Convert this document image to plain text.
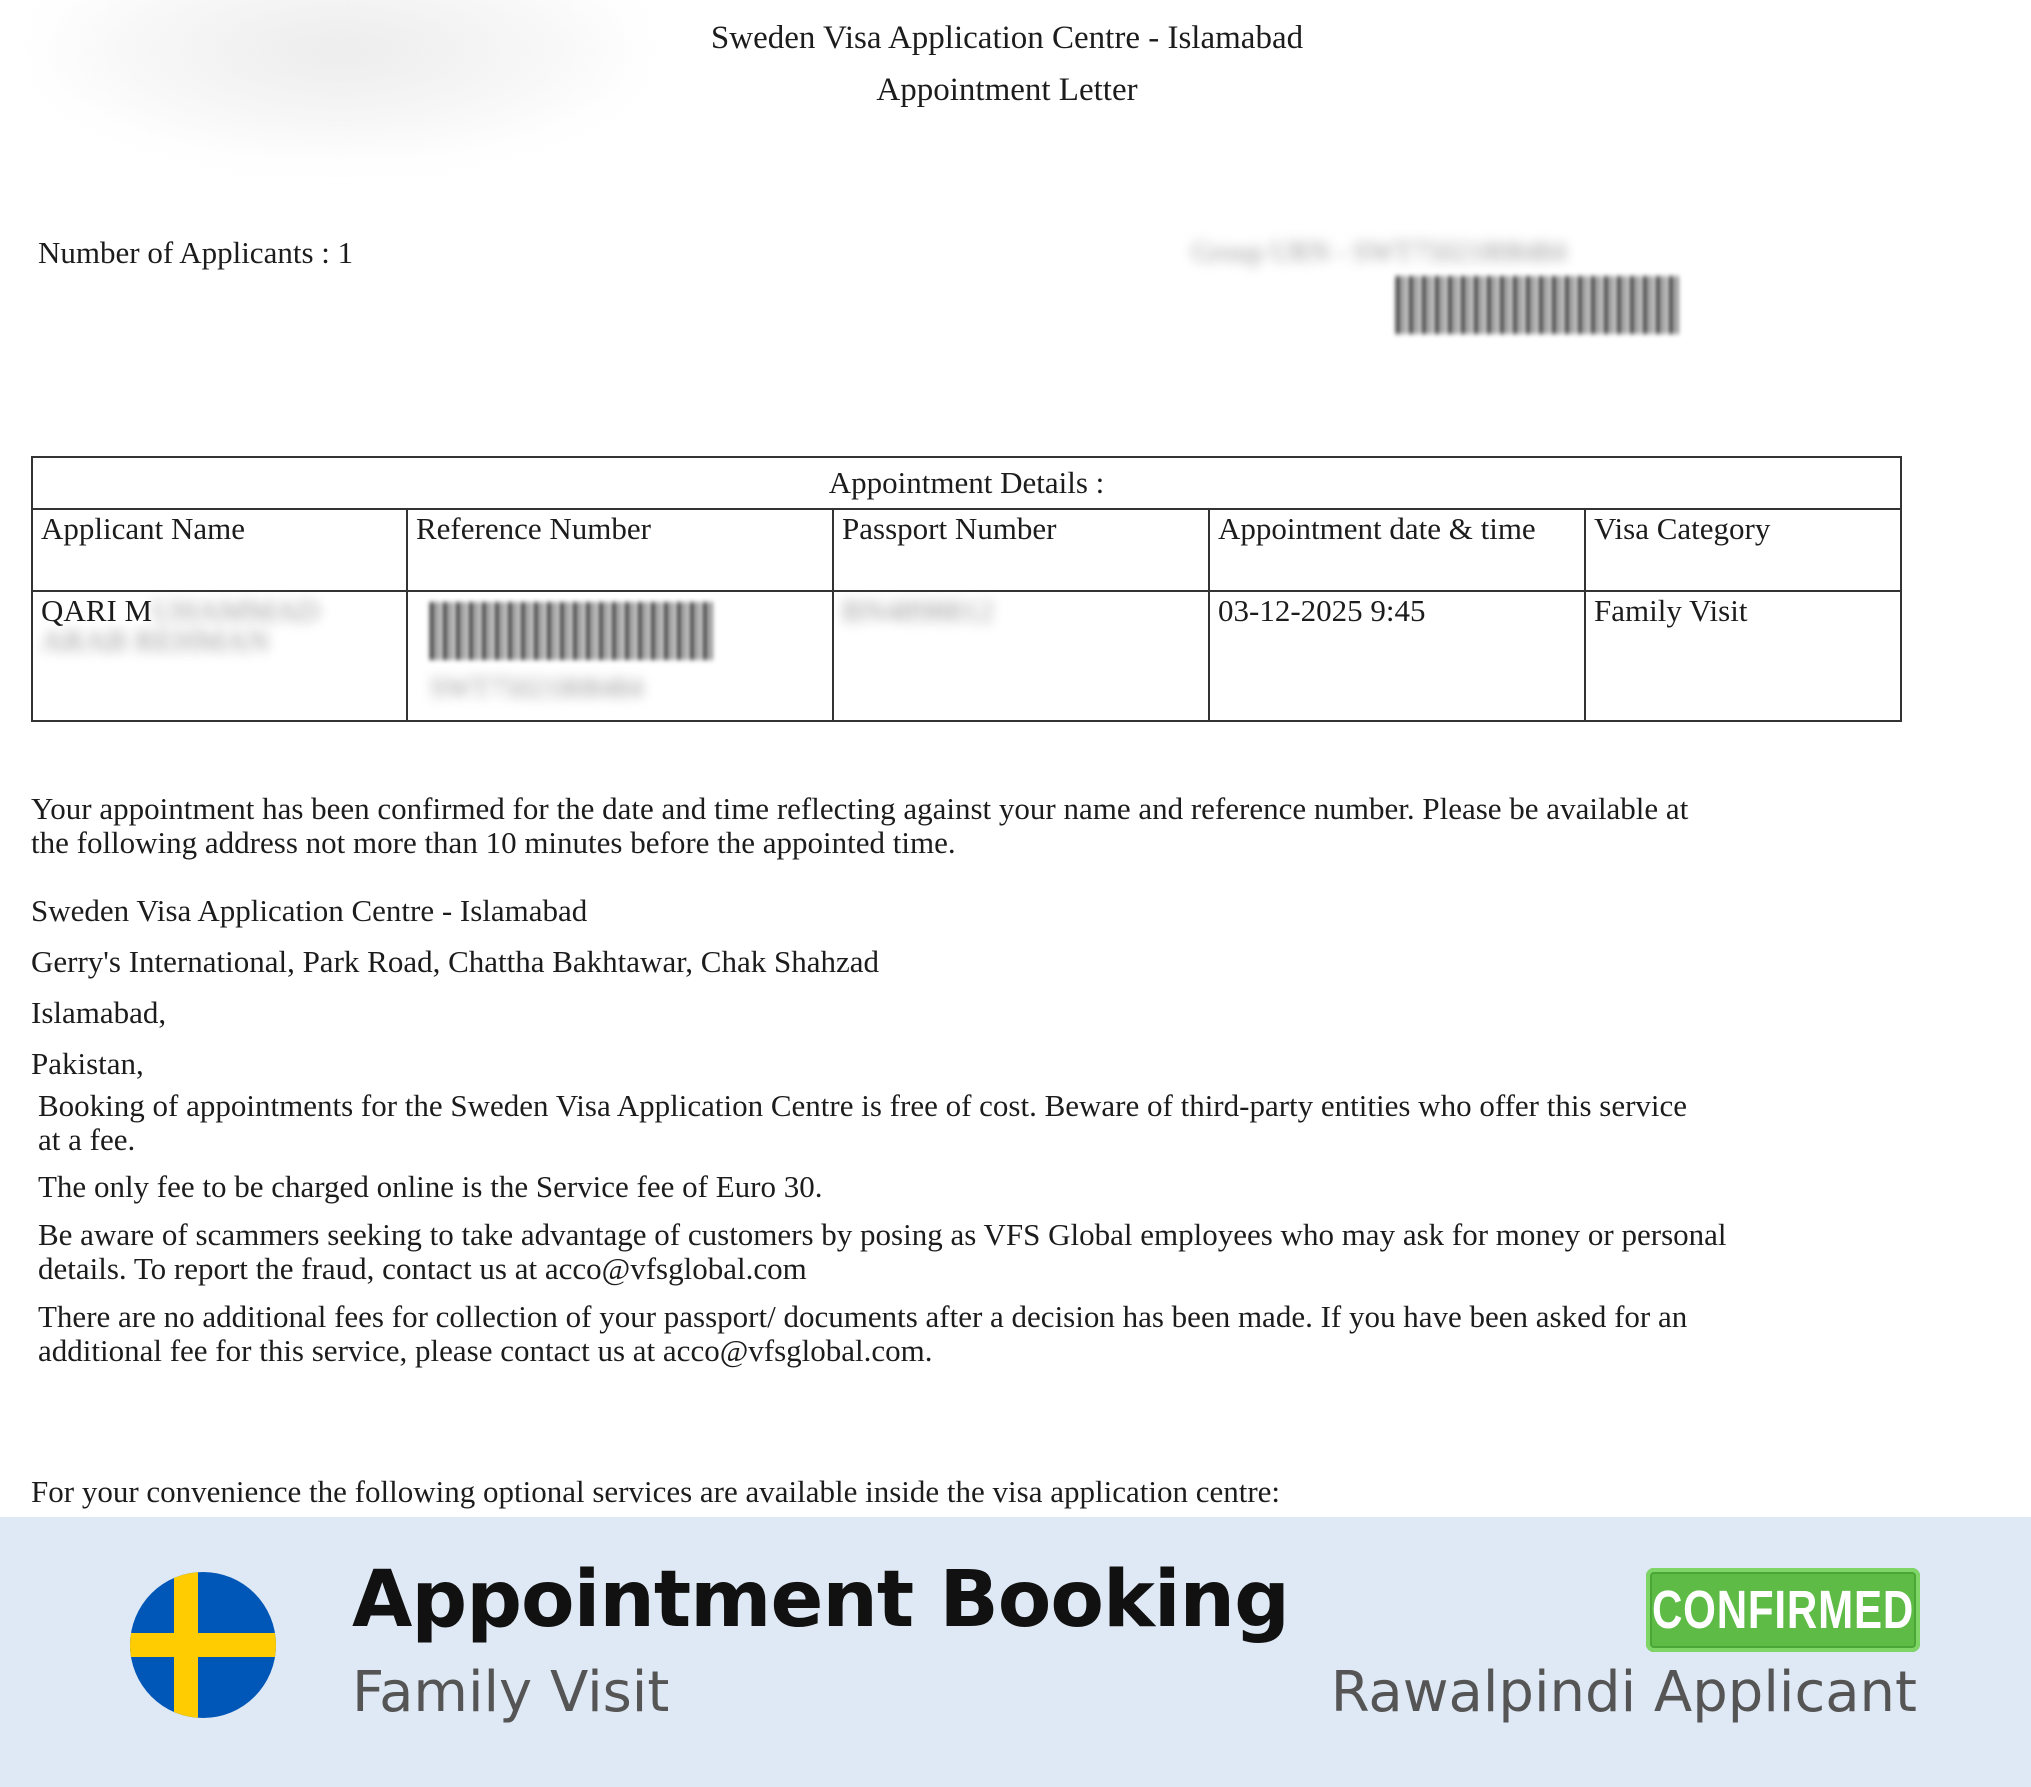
Sweden Visa Application Centre - Islamabad
Appointment Letter
Number of Applicants : 1	Group URN - SWT75021808484
Appointment Details :				
Applicant Name	Reference Number	Passport Number	Appointment date & time	Visa Category
QARI MUHAMMAD
ARAB REHMAN	SWT75021808484	BN4898812	03-12-2025 9:45	Family Visit
Your appointment has been confirmed for the date and time reflecting against your name and reference number. Please be available at
the following address not more than 10 minutes before the appointed time.
Sweden Visa Application Centre - Islamabad
Gerry's International, Park Road, Chattha Bakhtawar, Chak Shahzad
Islamabad,
Pakistan,
Booking of appointments for the Sweden Visa Application Centre is free of cost. Beware of third-party entities who offer this service
at a fee.
The only fee to be charged online is the Service fee of Euro 30.
Be aware of scammers seeking to take advantage of customers by posing as VFS Global employees who may ask for money or personal
details. To report the fraud, contact us at acco@vfsglobal.com
There are no additional fees for collection of your passport/ documents after a decision has been made. If you have been asked for an
additional fee for this service, please contact us at acco@vfsglobal.com.
For your convenience the following optional services are available inside the visa application centre:
Appointment Booking
Family Visit
CONFIRMED
Rawalpindi Applicant
